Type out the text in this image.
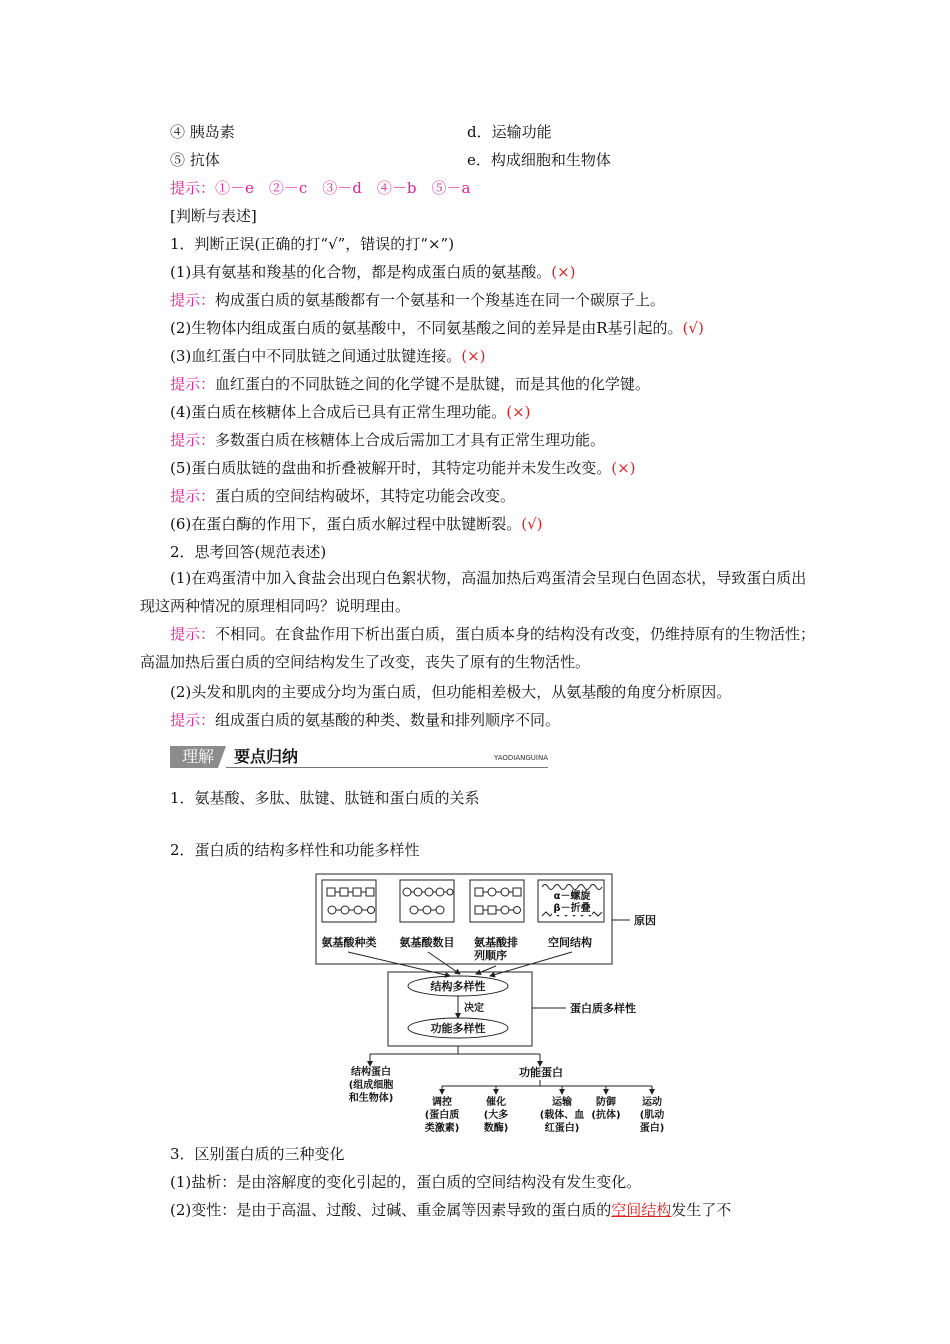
④ 胰岛素	d．运输功能
⑤ 抗体	e．构成细胞和生物体
提示：①－e　②－c　③－d　④－b　⑤－a
[判断与表述]
1．判断正误(正确的打“√”，错误的打“×”)
(1)具有氨基和羧基的化合物，都是构成蛋白质的氨基酸。(×)
提示：构成蛋白质的氨基酸都有一个氨基和一个羧基连在同一个碳原子上。
(2)生物体内组成蛋白质的氨基酸中，不同氨基酸之间的差异是由R基引起的。(√)
(3)血红蛋白中不同肽链之间通过肽键连接。(×)
提示：血红蛋白的不同肽链之间的化学键不是肽键，而是其他的化学键。
(4)蛋白质在核糖体上合成后已具有正常生理功能。(×)
提示：多数蛋白质在核糖体上合成后需加工才具有正常生理功能。
(5)蛋白质肽链的盘曲和折叠被解开时，其特定功能并未发生改变。(×)
提示：蛋白质的空间结构破坏，其特定功能会改变。
(6)在蛋白酶的作用下，蛋白质水解过程中肽键断裂。(√)
2．思考回答(规范表述)
(1)在鸡蛋清中加入食盐会出现白色絮状物，高温加热后鸡蛋清会呈现白色固态状，导致蛋白质出现这两种情况的原理相同吗？说明理由。
提示：不相同。在食盐作用下析出蛋白质，蛋白质本身的结构没有改变，仍维持原有的生物活性；高温加热后蛋白质的空间结构发生了改变，丧失了原有的生物活性。
(2)头发和肌肉的主要成分均为蛋白质，但功能相差极大，从氨基酸的角度分析原因。
提示：组成蛋白质的氨基酸的种类、数量和排列顺序不同。
理解	要点归纳	YAODIANGUINA
1．氨基酸、多肽、肽键、肽链和蛋白质的关系
2．蛋白质的结构多样性和功能多样性
氨基酸种类	氨基酸数目	氨基酸排
列顺序
空间结构
α－螺旋
β－折叠
原因
结构多样性
决定
功能多样性
蛋白质多样性
结构蛋白
(组成细胞
和生物体)
功能蛋白
调控
(蛋白质
类激素)
催化
(大多
数酶)
运输
(载体、血
红蛋白)
防御
(抗体)
运动
(肌动
蛋白)
3．区别蛋白质的三种变化
(1)盐析：是由溶解度的变化引起的，蛋白质的空间结构没有发生变化。
(2)变性：是由于高温、过酸、过碱、重金属等因素导致的蛋白质的空间结构发生了不
